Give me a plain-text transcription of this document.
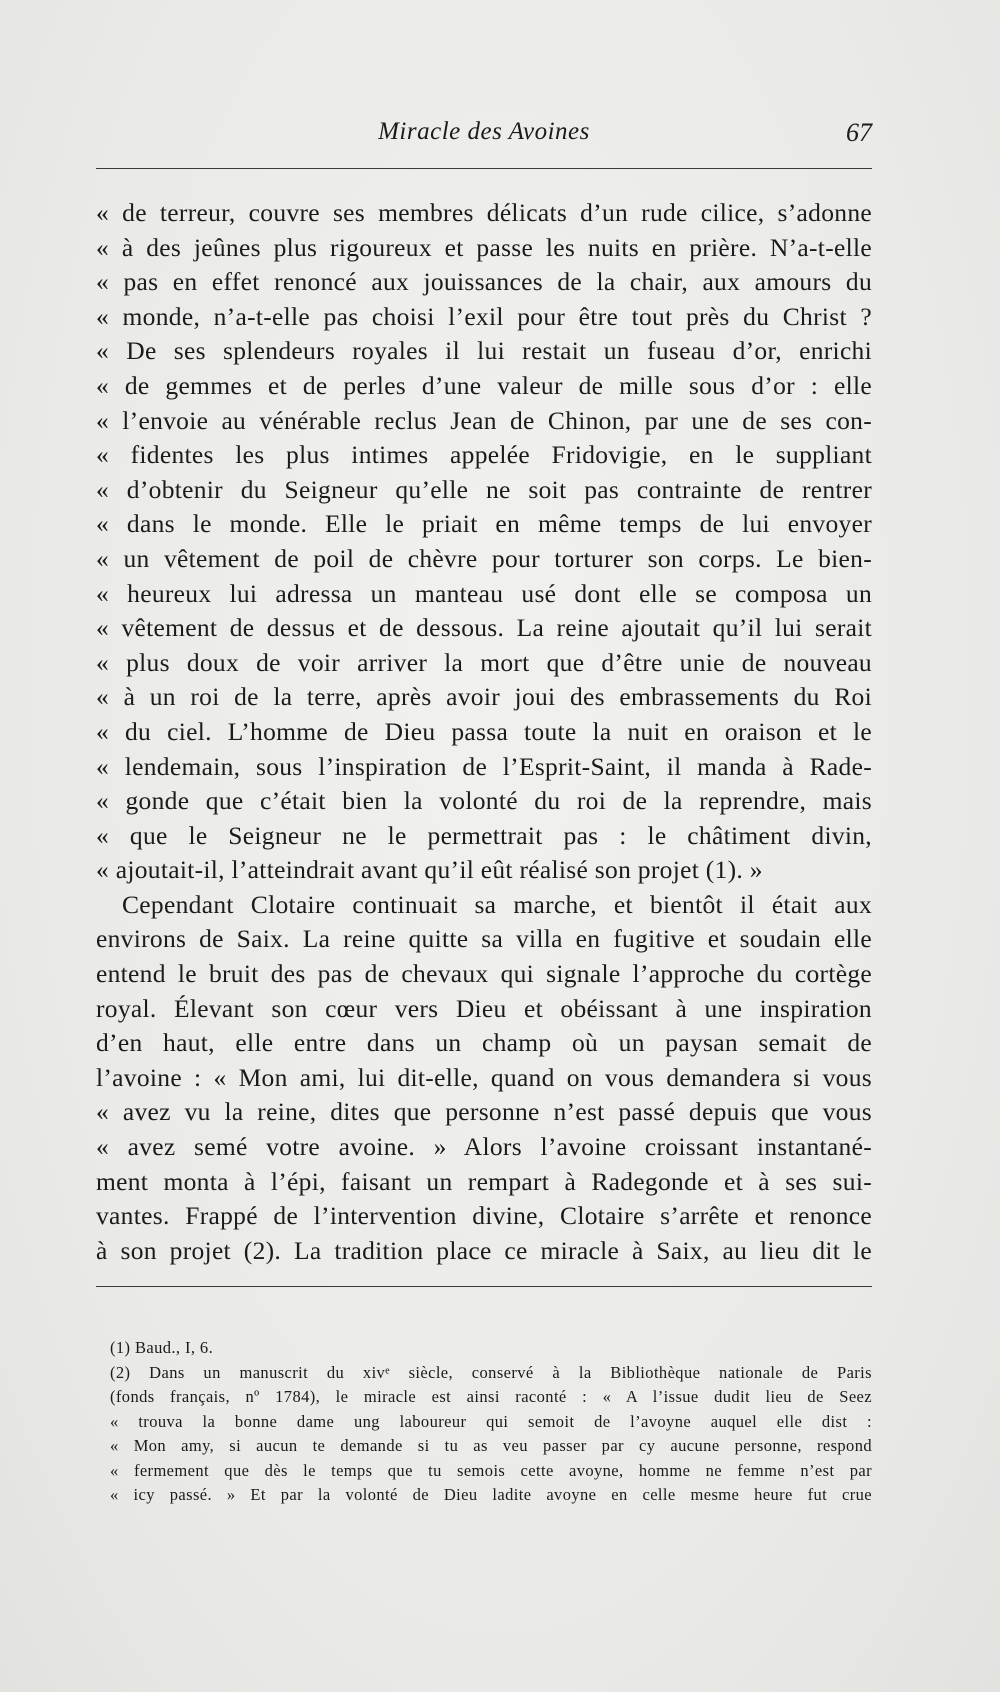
Miracle des Avoines	67
« de terreur, couvre ses membres délicats d’un rude cilice, s’adonne
« à des jeûnes plus rigoureux et passe les nuits en prière. N’a-t-elle
« pas en effet renoncé aux jouissances de la chair, aux amours du
« monde, n’a-t-elle pas choisi l’exil pour être tout près du Christ ?
« De ses splendeurs royales il lui restait un fuseau d’or, enrichi
« de gemmes et de perles d’une valeur de mille sous d’or : elle
« l’envoie au vénérable reclus Jean de Chinon, par une de ses con-
« fidentes les plus intimes appelée Fridovigie, en le suppliant
« d’obtenir du Seigneur qu’elle ne soit pas contrainte de rentrer
« dans le monde. Elle le priait en même temps de lui envoyer
« un vêtement de poil de chèvre pour torturer son corps. Le bien-
« heureux lui adressa un manteau usé dont elle se composa un
« vêtement de dessus et de dessous. La reine ajoutait qu’il lui serait
« plus doux de voir arriver la mort que d’être unie de nouveau
« à un roi de la terre, après avoir joui des embrassements du Roi
« du ciel. L’homme de Dieu passa toute la nuit en oraison et le
« lendemain, sous l’inspiration de l’Esprit-Saint, il manda à Rade-
« gonde que c’était bien la volonté du roi de la reprendre, mais
« que le Seigneur ne le permettrait pas : le châtiment divin,
« ajoutait-il, l’atteindrait avant qu’il eût réalisé son projet (1). »
Cependant Clotaire continuait sa marche, et bientôt il était aux
environs de Saix. La reine quitte sa villa en fugitive et soudain elle
entend le bruit des pas de chevaux qui signale l’approche du cortège
royal. Élevant son cœur vers Dieu et obéissant à une inspiration
d’en haut, elle entre dans un champ où un paysan semait de
l’avoine : « Mon ami, lui dit-elle, quand on vous demandera si vous
« avez vu la reine, dites que personne n’est passé depuis que vous
« avez semé votre avoine. » Alors l’avoine croissant instantané-
ment monta à l’épi, faisant un rempart à Radegonde et à ses sui-
vantes. Frappé de l’intervention divine, Clotaire s’arrête et renonce
à son projet (2). La tradition place ce miracle à Saix, au lieu dit le
(1) Baud., I, 6.
(2) Dans un manuscrit du xivᵉ siècle, conservé à la Bibliothèque nationale de Paris
(fonds français, nº 1784), le miracle est ainsi raconté : « A l’issue dudit lieu de Seez
« trouva la bonne dame ung laboureur qui semoit de l’avoyne auquel elle dist :
« Mon amy, si aucun te demande si tu as veu passer par cy aucune personne, respond
« fermement que dès le temps que tu semois cette avoyne, homme ne femme n’est par
« icy passé. » Et par la volonté de Dieu ladite avoyne en celle mesme heure fut crue
